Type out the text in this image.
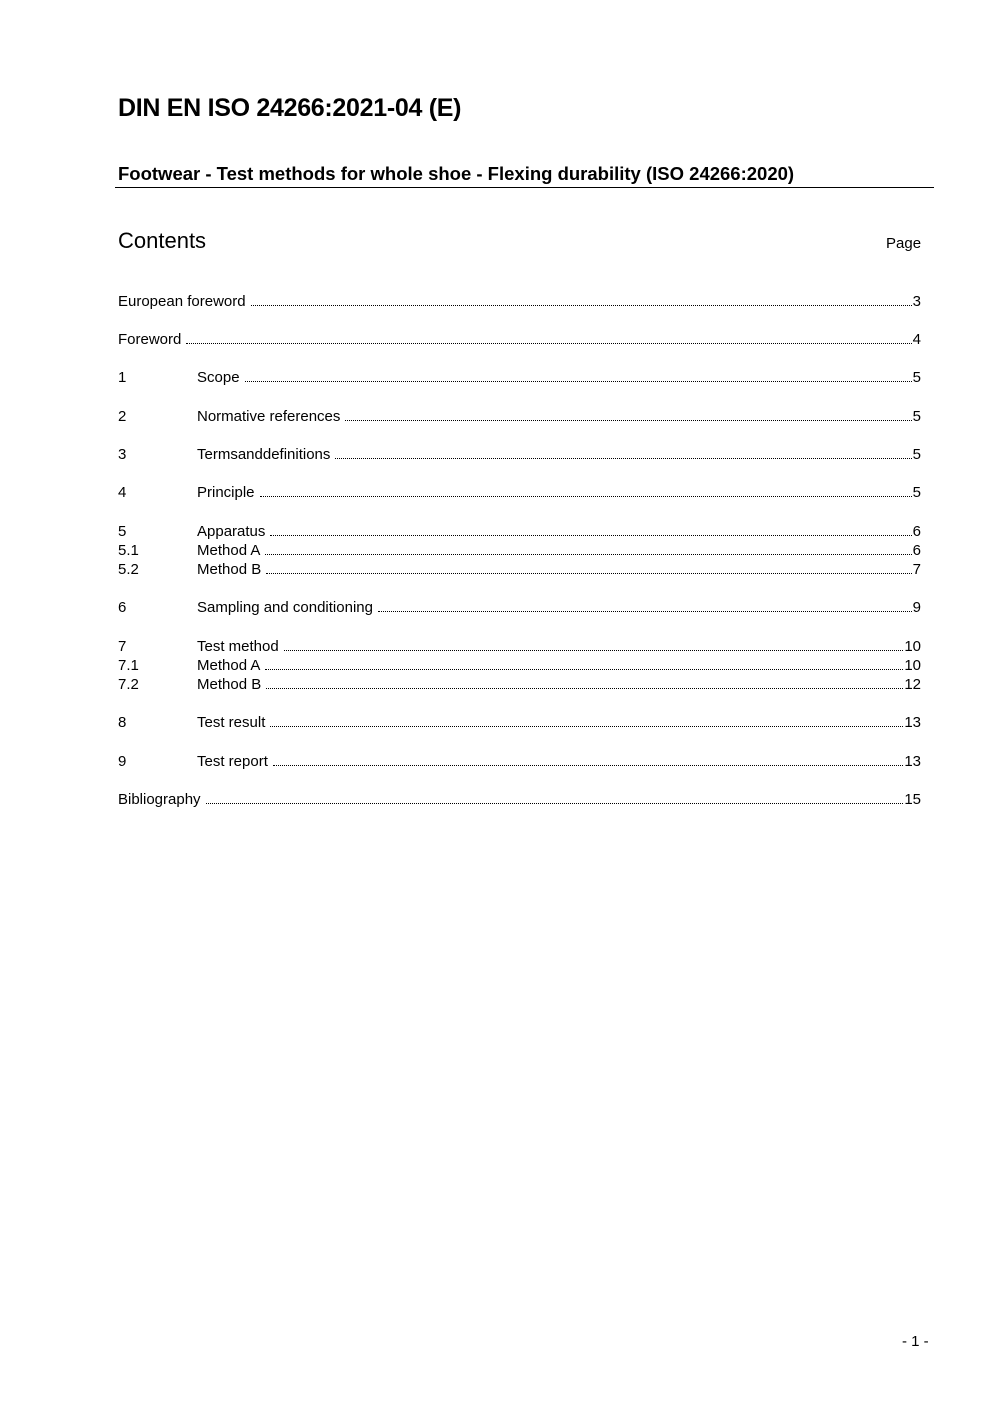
DIN EN ISO 24266:2021-04 (E)
Footwear - Test methods for whole shoe - Flexing durability (ISO 24266:2020)
Contents	Page
European foreword	3
Foreword	4
1	Scope	5
2	Normative references	5
3	Termsanddefinitions	5
4	Principle	5
5	Apparatus	6
5.1	Method A	6
5.2	Method B	7
6	Sampling and conditioning	9
7	Test method	10
7.1	Method A	10
7.2	Method B	12
8	Test result	13
9	Test report	13
Bibliography	15
- 1 -
